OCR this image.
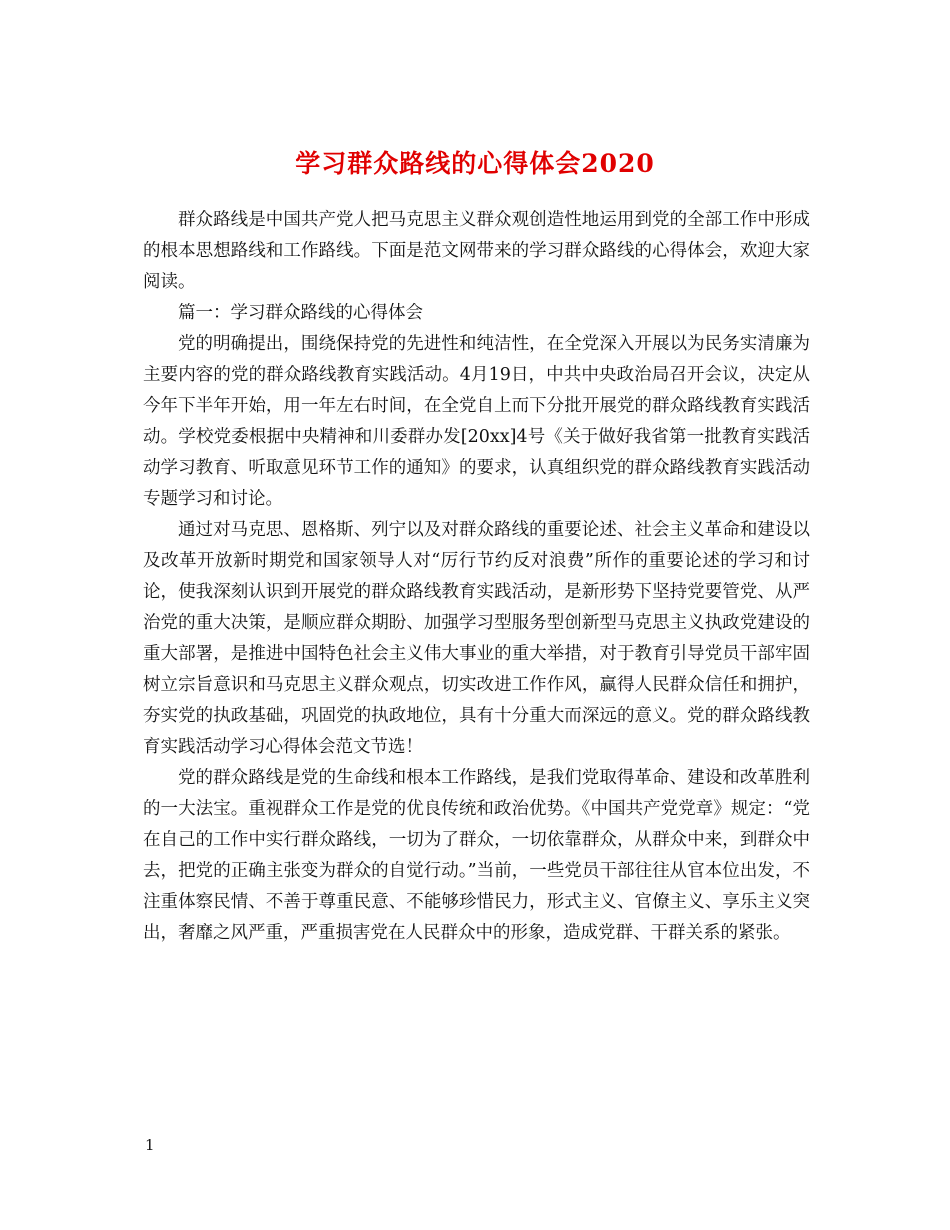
学习群众路线的心得体会2020

群众路线是中国共产党人把马克思主义群众观创造性地运用到党的全部工作中形成的根本思想路线和工作路线。下面是范文网带来的学习群众路线的心得体会，欢迎大家阅读。

篇一：学习群众路线的心得体会

党的明确提出，围绕保持党的先进性和纯洁性，在全党深入开展以为民务实清廉为主要内容的党的群众路线教育实践活动。4月19日，中共中央政治局召开会议，决定从今年下半年开始，用一年左右时间，在全党自上而下分批开展党的群众路线教育实践活动。学校党委根据中央精神和川委群办发[20xx]4号《关于做好我省第一批教育实践活动学习教育、听取意见环节工作的通知》的要求，认真组织党的群众路线教育实践活动专题学习和讨论。

通过对马克思、恩格斯、列宁以及对群众路线的重要论述、社会主义革命和建设以及改革开放新时期党和国家领导人对“厉行节约反对浪费”所作的重要论述的学习和讨论，使我深刻认识到开展党的群众路线教育实践活动，是新形势下坚持党要管党、从严治党的重大决策，是顺应群众期盼、加强学习型服务型创新型马克思主义执政党建设的重大部署，是推进中国特色社会主义伟大事业的重大举措，对于教育引导党员干部牢固树立宗旨意识和马克思主义群众观点，切实改进工作作风，赢得人民群众信任和拥护，夯实党的执政基础，巩固党的执政地位，具有十分重大而深远的意义。党的群众路线教育实践活动学习心得体会范文节选！

党的群众路线是党的生命线和根本工作路线，是我们党取得革命、建设和改革胜利的一大法宝。重视群众工作是党的优良传统和政治优势。《中国共产党党章》规定：“党在自己的工作中实行群众路线，一切为了群众，一切依靠群众，从群众中来，到群众中去，把党的正确主张变为群众的自觉行动。”当前，一些党员干部往往从官本位出发，不注重体察民情、不善于尊重民意、不能够珍惜民力，形式主义、官僚主义、享乐主义突出，奢靡之风严重，严重损害党在人民群众中的形象，造成党群、干群关系的紧张。

1
